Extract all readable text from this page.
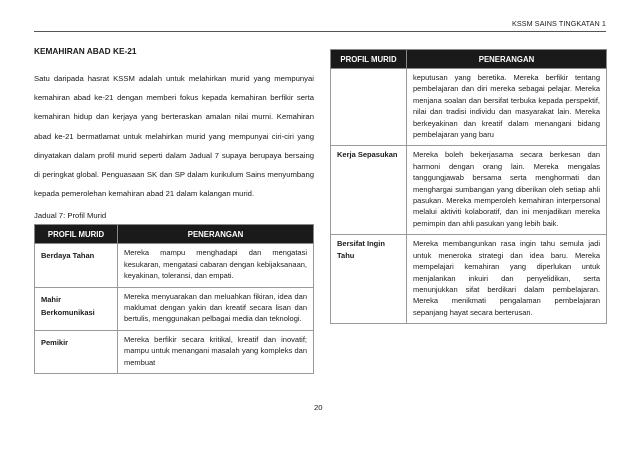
KSSM SAINS TINGKATAN 1
KEMAHIRAN ABAD KE-21

Satu daripada hasrat KSSM adalah untuk melahirkan murid yang mempunyai kemahiran abad ke-21 dengan memberi fokus kepada kemahiran berfikir serta kemahiran hidup dan kerjaya yang berteraskan amalan nilai murni. Kemahiran abad ke-21 bermatlamat untuk melahirkan murid yang mempunyai ciri-ciri yang dinyatakan dalam profil murid seperti dalam Jadual 7 supaya berupaya bersaing di peringkat global. Penguasaan SK dan SP dalam kurikulum Sains menyumbang kepada pemerolehan kemahiran abad 21 dalam kalangan murid.

Jadual 7: Profil Murid
PROFIL MURID	PENERANGAN
Berdaya Tahan	Mereka mampu menghadapi dan mengatasi kesukaran, mengatasi cabaran dengan kebijaksanaan, keyakinan, toleransi, dan empati.
Mahir Berkomunikasi	Mereka menyuarakan dan meluahkan fikiran, idea dan maklumat dengan yakin dan kreatif secara lisan dan bertulis, menggunakan pelbagai media dan teknologi.
Pemikir	Mereka berfikir secara kritikal, kreatif dan inovatif; mampu untuk menangani masalah yang kompleks dan membuat
PROFIL MURID	PENERANGAN
	keputusan yang beretika. Mereka berfikir tentang pembelajaran dan diri mereka sebagai pelajar. Mereka menjana soalan dan bersifat terbuka kepada perspektif, nilai dan tradisi individu dan masyarakat lain. Mereka berkeyakinan dan kreatif dalam menangani bidang pembelajaran yang baru
Kerja Sepasukan	Mereka boleh bekerjasama secara berkesan dan harmoni dengan orang lain. Mereka mengalas tanggungjawab bersama serta menghormati dan menghargai sumbangan yang diberikan oleh setiap ahli pasukan. Mereka memperoleh kemahiran interpersonal melalui aktiviti kolaboratif, dan ini menjadikan mereka pemimpin dan ahli pasukan yang lebih baik.
Bersifat Ingin Tahu	Mereka membangunkan rasa ingin tahu semula jadi untuk meneroka strategi dan idea baru. Mereka mempelajari kemahiran yang diperlukan untuk menjalankan inkuiri dan penyelidikan, serta menunjukkan sifat berdikari dalam pembelajaran. Mereka menikmati pengalaman pembelajaran sepanjang hayat secara berterusan.
20
